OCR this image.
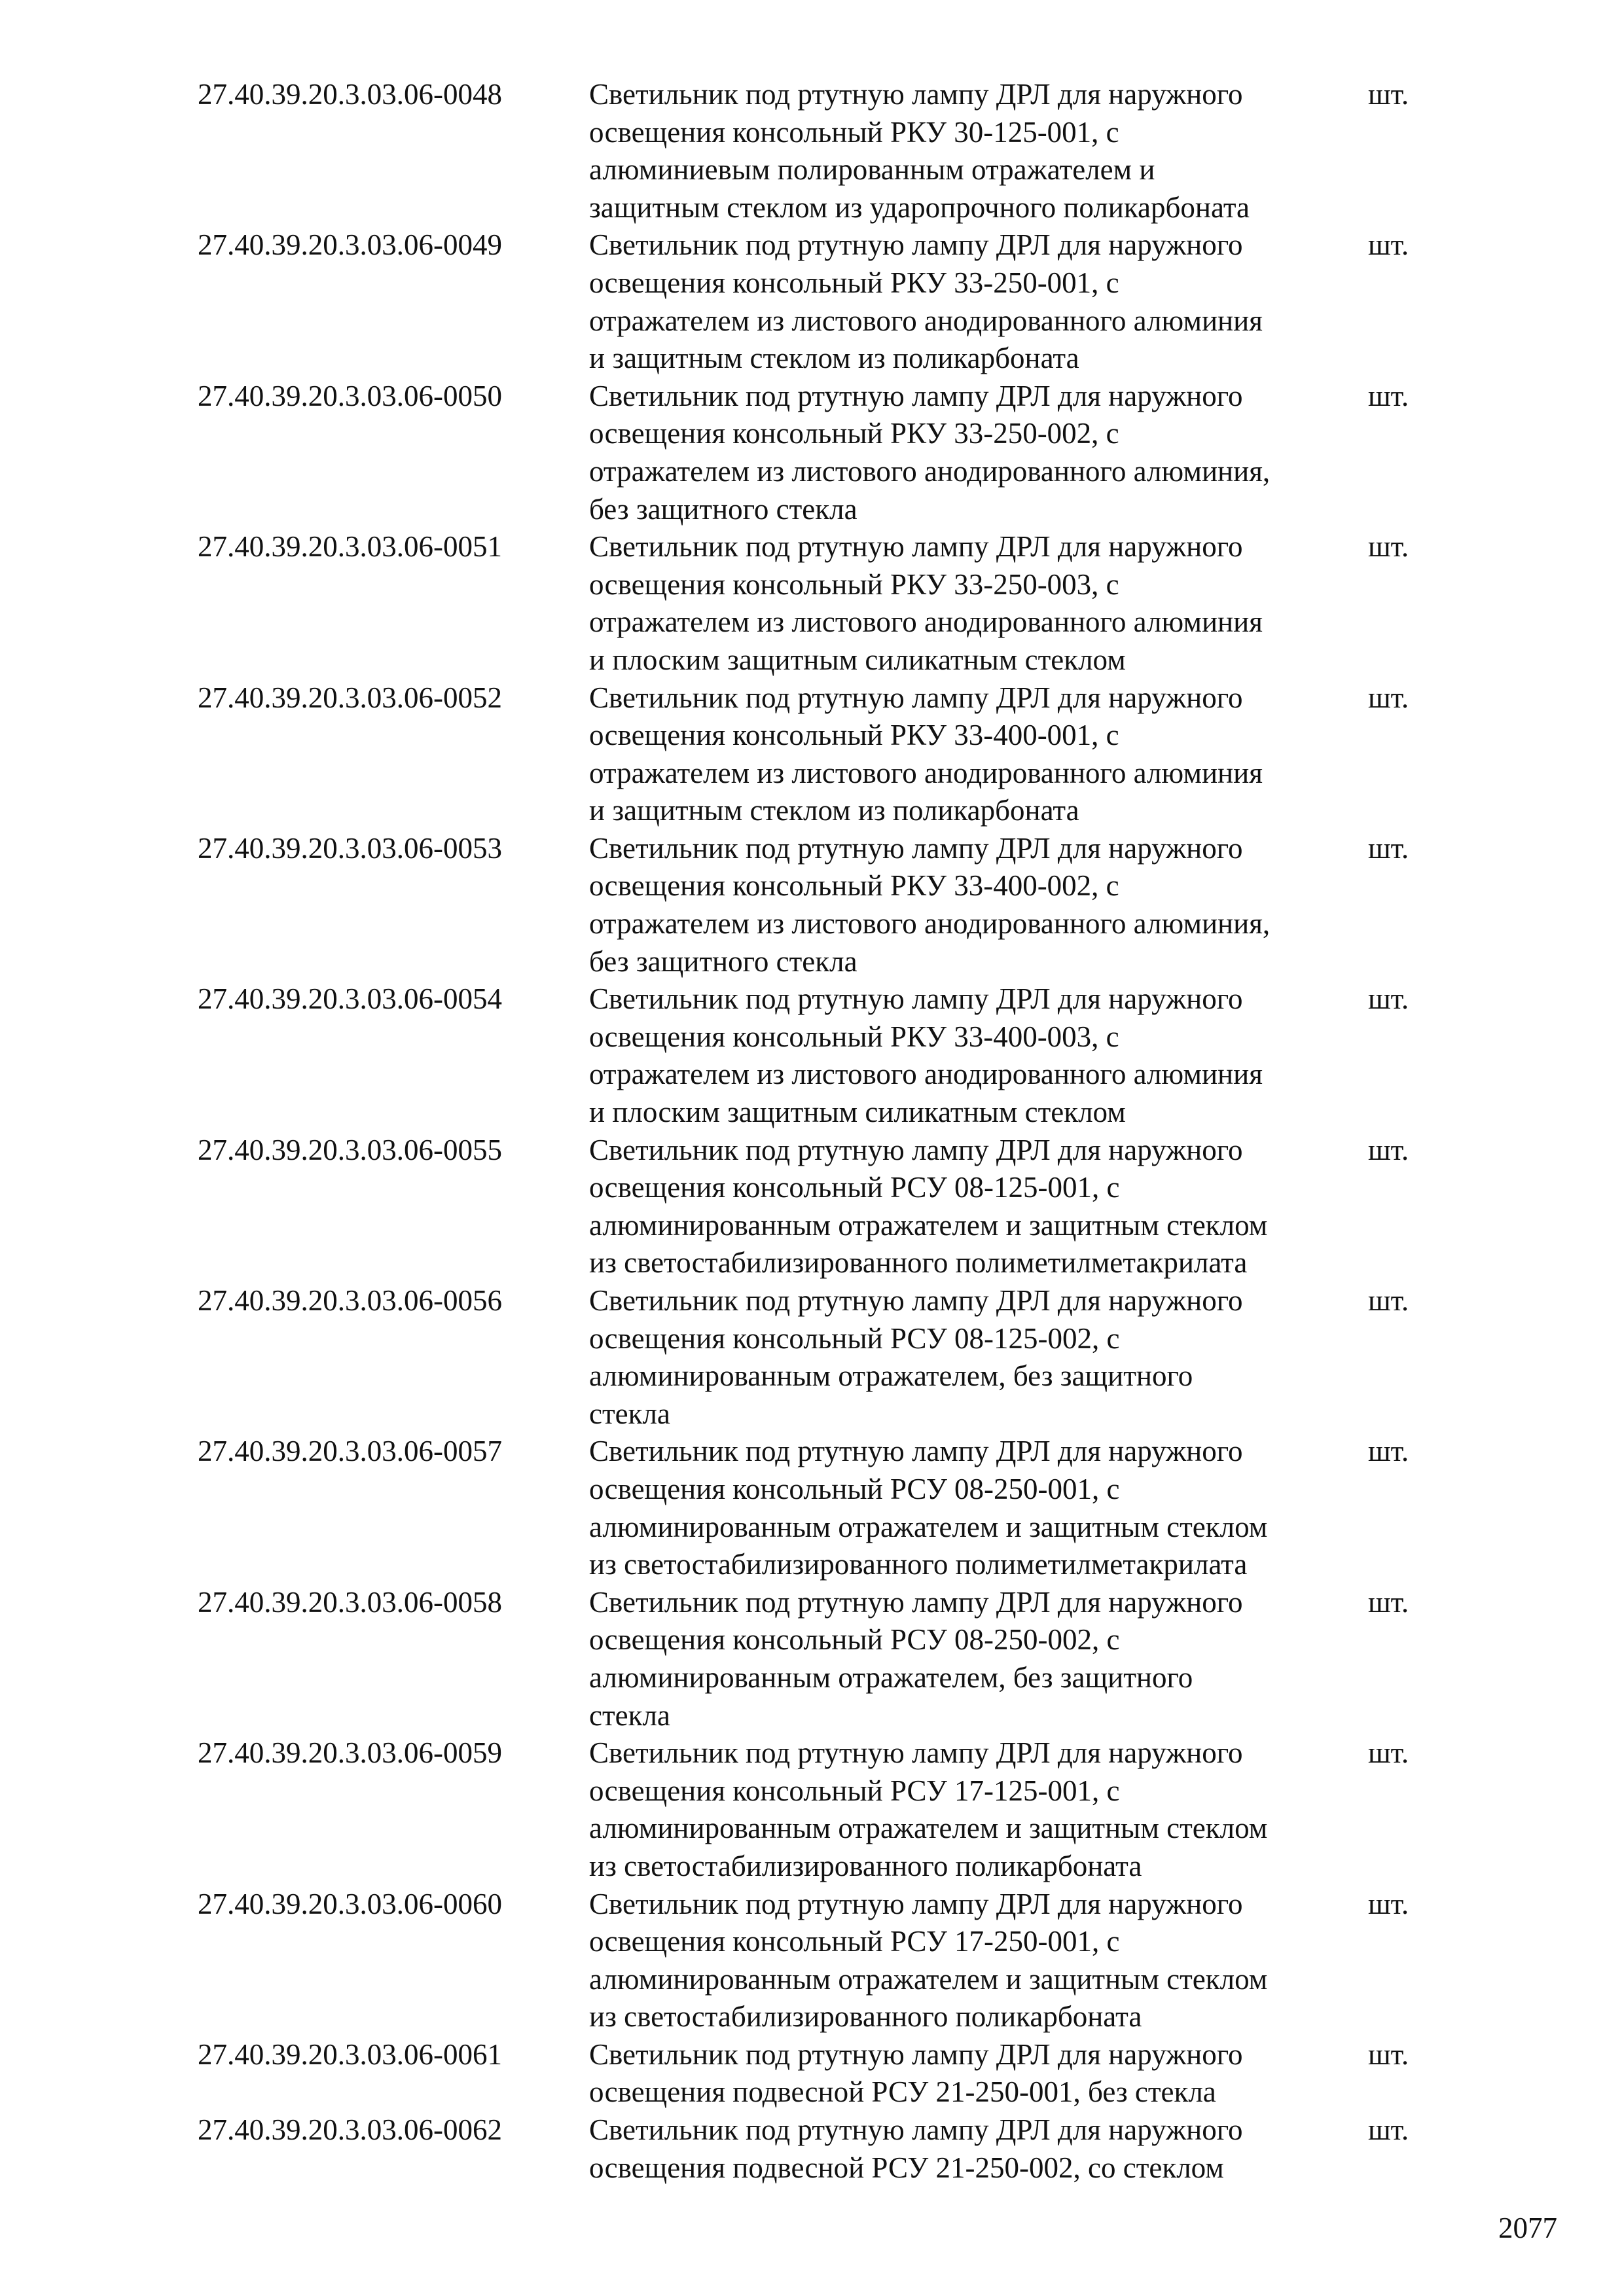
27.40.39.20.3.03.06-0048	Светильник под ртутную лампу ДРЛ для наружного
освещения консольный РКУ 30-125-001, с
алюминиевым полированным отражателем и
защитным стеклом из ударопрочного поликарбоната
шт.
27.40.39.20.3.03.06-0049	Светильник под ртутную лампу ДРЛ для наружного
освещения консольный РКУ 33-250-001, с
отражателем из листового анодированного алюминия
и защитным стеклом из поликарбоната
шт.
27.40.39.20.3.03.06-0050	Светильник под ртутную лампу ДРЛ для наружного
освещения консольный РКУ 33-250-002, с
отражателем из листового анодированного алюминия,
без защитного стекла
шт.
27.40.39.20.3.03.06-0051	Светильник под ртутную лампу ДРЛ для наружного
освещения консольный РКУ 33-250-003, с
отражателем из листового анодированного алюминия
и плоским защитным силикатным стеклом
шт.
27.40.39.20.3.03.06-0052	Светильник под ртутную лампу ДРЛ для наружного
освещения консольный РКУ 33-400-001, с
отражателем из листового анодированного алюминия
и защитным стеклом из поликарбоната
шт.
27.40.39.20.3.03.06-0053	Светильник под ртутную лампу ДРЛ для наружного
освещения консольный РКУ 33-400-002, с
отражателем из листового анодированного алюминия,
без защитного стекла
шт.
27.40.39.20.3.03.06-0054	Светильник под ртутную лампу ДРЛ для наружного
освещения консольный РКУ 33-400-003, с
отражателем из листового анодированного алюминия
и плоским защитным силикатным стеклом
шт.
27.40.39.20.3.03.06-0055	Светильник под ртутную лампу ДРЛ для наружного
освещения консольный РСУ 08-125-001, с
алюминированным отражателем и защитным стеклом
из светостабилизированного полиметилметакрилата
шт.
27.40.39.20.3.03.06-0056	Светильник под ртутную лампу ДРЛ для наружного
освещения консольный РСУ 08-125-002, с
алюминированным отражателем, без защитного
стекла
шт.
27.40.39.20.3.03.06-0057	Светильник под ртутную лампу ДРЛ для наружного
освещения консольный РСУ 08-250-001, с
алюминированным отражателем и защитным стеклом
из светостабилизированного полиметилметакрилата
шт.
27.40.39.20.3.03.06-0058	Светильник под ртутную лампу ДРЛ для наружного
освещения консольный РСУ 08-250-002, с
алюминированным отражателем, без защитного
стекла
шт.
27.40.39.20.3.03.06-0059	Светильник под ртутную лампу ДРЛ для наружного
освещения консольный РСУ 17-125-001, с
алюминированным отражателем и защитным стеклом
из светостабилизированного поликарбоната
шт.
27.40.39.20.3.03.06-0060	Светильник под ртутную лампу ДРЛ для наружного
освещения консольный РСУ 17-250-001, с
алюминированным отражателем и защитным стеклом
из светостабилизированного поликарбоната
шт.
27.40.39.20.3.03.06-0061	Светильник под ртутную лампу ДРЛ для наружного
освещения подвесной РСУ 21-250-001, без стекла
шт.
27.40.39.20.3.03.06-0062	Светильник под ртутную лампу ДРЛ для наружного
освещения подвесной РСУ 21-250-002, со стеклом
шт.
2077
